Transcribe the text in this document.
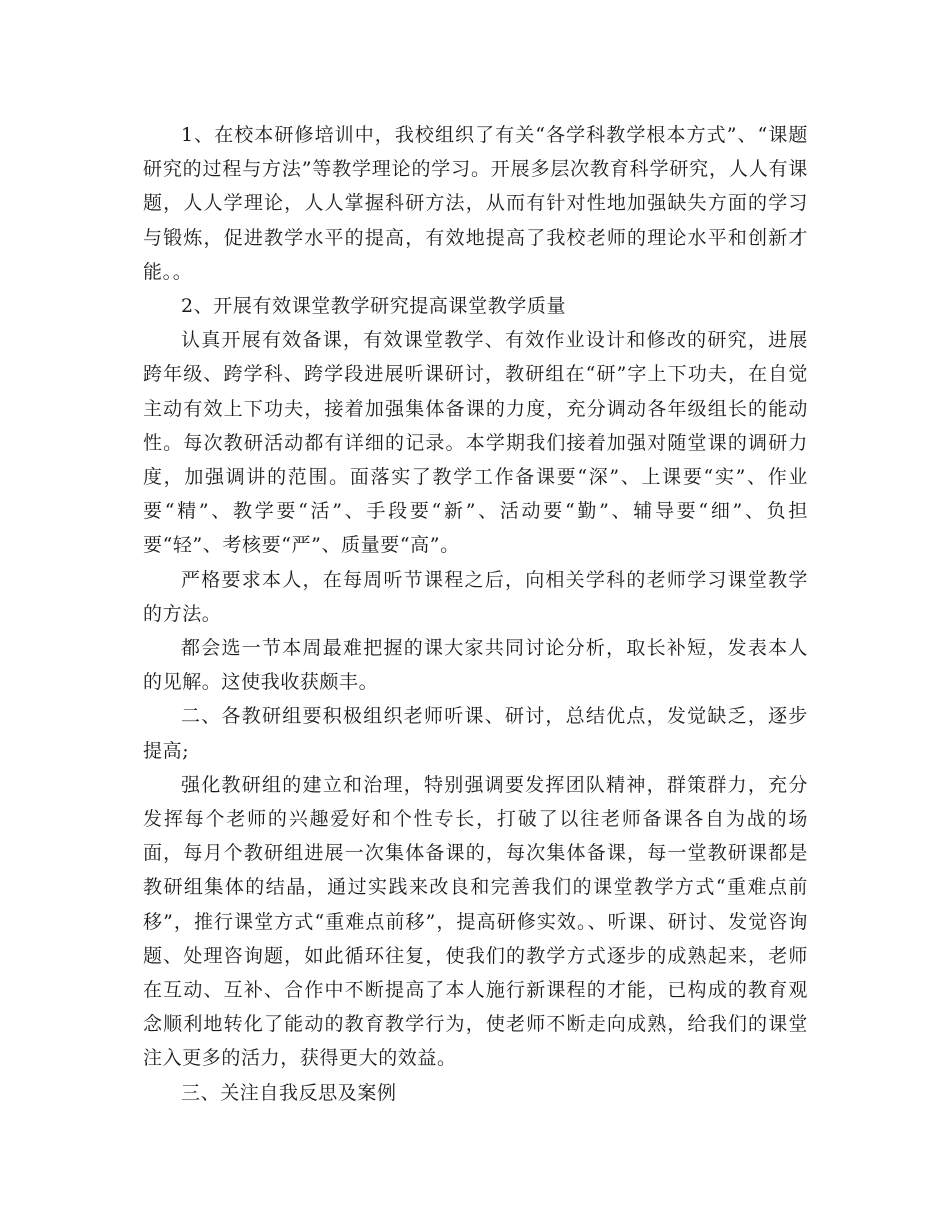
1、在校本研修培训中，我校组织了有关“各学科教学根本方式”、“课题研究的过程与方法”等教学理论的学习。开展多层次教育科学研究，人人有课题，人人学理论，人人掌握科研方法，从而有针对性地加强缺失方面的学习与锻炼，促进教学水平的提高，有效地提高了我校老师的理论水平和创新才能。。

2、开展有效课堂教学研究提高课堂教学质量

认真开展有效备课，有效课堂教学、有效作业设计和修改的研究，进展跨年级、跨学科、跨学段进展听课研讨，教研组在“研”字上下功夫，在自觉主动有效上下功夫，接着加强集体备课的力度，充分调动各年级组长的能动性。每次教研活动都有详细的记录。本学期我们接着加强对随堂课的调研力度，加强调讲的范围。面落实了教学工作备课要“深”、上课要“实”、作业要“精”、教学要“活”、手段要“新”、活动要“勤”、辅导要“细”、负担要“轻”、考核要“严”、质量要“高”。

严格要求本人，在每周听节课程之后，向相关学科的老师学习课堂教学的方法。

都会选一节本周最难把握的课大家共同讨论分析，取长补短，发表本人的见解。这使我收获颇丰。

二、各教研组要积极组织老师听课、研讨，总结优点，发觉缺乏，逐步提高;

强化教研组的建立和治理，特别强调要发挥团队精神，群策群力，充分发挥每个老师的兴趣爱好和个性专长，打破了以往老师备课各自为战的场面，每月个教研组进展一次集体备课的，每次集体备课，每一堂教研课都是教研组集体的结晶，通过实践来改良和完善我们的课堂教学方式“重难点前移”，推行课堂方式“重难点前移”，提高研修实效。、听课、研讨、发觉咨询题、处理咨询题，如此循环往复，使我们的教学方式逐步的成熟起来，老师在互动、互补、合作中不断提高了本人施行新课程的才能，已构成的教育观念顺利地转化了能动的教育教学行为，使老师不断走向成熟，给我们的课堂注入更多的活力，获得更大的效益。

三、关注自我反思及案例
